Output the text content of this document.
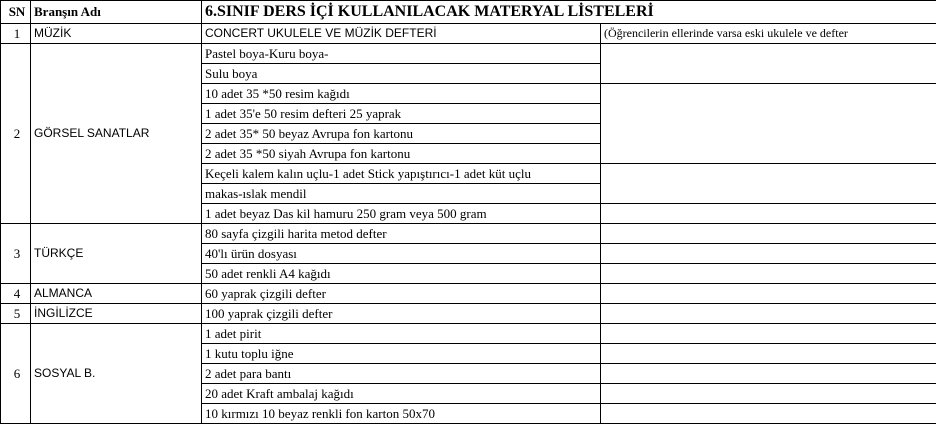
SN	Branşın Adı	6.SINIF DERS İÇİ KULLANILACAK MATERYAL LİSTELERİ	
1	MÜZİK	CONCERT UKULELE VE MÜZİK DEFTERİ	(Öğrencilerin ellerinde varsa eski ukulele ve defter
2	GÖRSEL SANATLAR	Pastel boya-Kuru boya-	
		Sulu boya	
		10 adet 35 *50 resim kağıdı	
		1 adet 35'e 50 resim defteri 25 yaprak	
		2 adet 35* 50 beyaz Avrupa fon kartonu	
		2 adet 35 *50 siyah Avrupa fon kartonu	
		Keçeli kalem kalın uçlu-1 adet Stick yapıştırıcı-1 adet küt uçlu	
		makas-ıslak mendil	
		1 adet beyaz Das kil hamuru 250 gram veya 500 gram	
3	TÜRKÇE	80 sayfa çizgili harita metod defter	
		40'lı ürün dosyası	
		50 adet renkli A4 kağıdı	
4	ALMANCA	60 yaprak çizgili defter	
5	İNGİLİZCE	100 yaprak çizgili defter	
6	SOSYAL B.	1 adet pirit	
		1 kutu toplu iğne	
		2 adet para bantı	
		20 adet Kraft ambalaj kağıdı	
		10 kırmızı 10 beyaz renkli fon karton 50x70	
